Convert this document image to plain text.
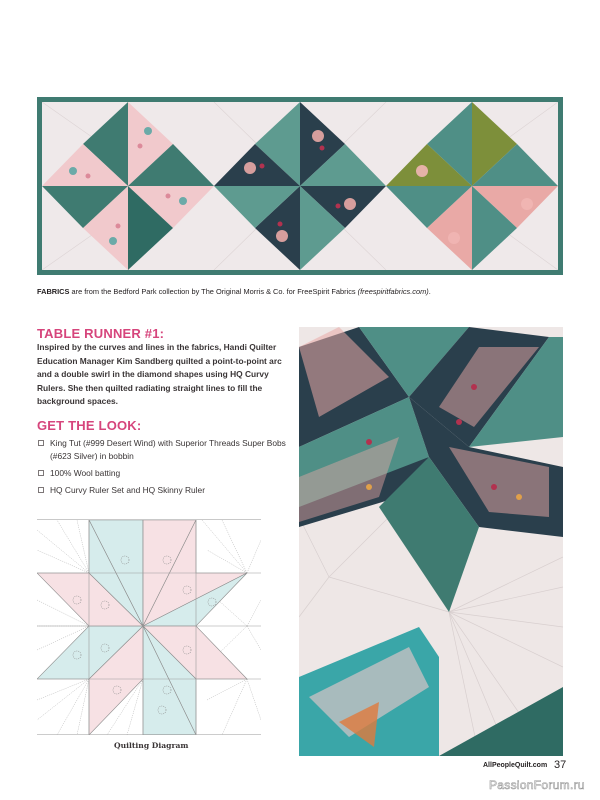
FABRICS are from the Bedford Park collection by The Original Morris & Co. for FreeSpirit Fabrics (freespiritfabrics.com).
TABLE RUNNER #1:
Inspired by the curves and lines in the fabrics, Handi Quilter Education Manager Kim Sandberg quilted a point-to-point arc and a double swirl in the diamond shapes using HQ Curvy Rulers. She then quilted radiating straight lines to fill the background spaces.
GET THE LOOK:
King Tut (#999 Desert Wind) with Superior Threads Super Bobs (#623 Silver) in bobbin
100% Wool batting
HQ Curvy Ruler Set and HQ Skinny Ruler
Quilting Diagram
AllPeopleQuilt.com 37
PassionForum.ru
